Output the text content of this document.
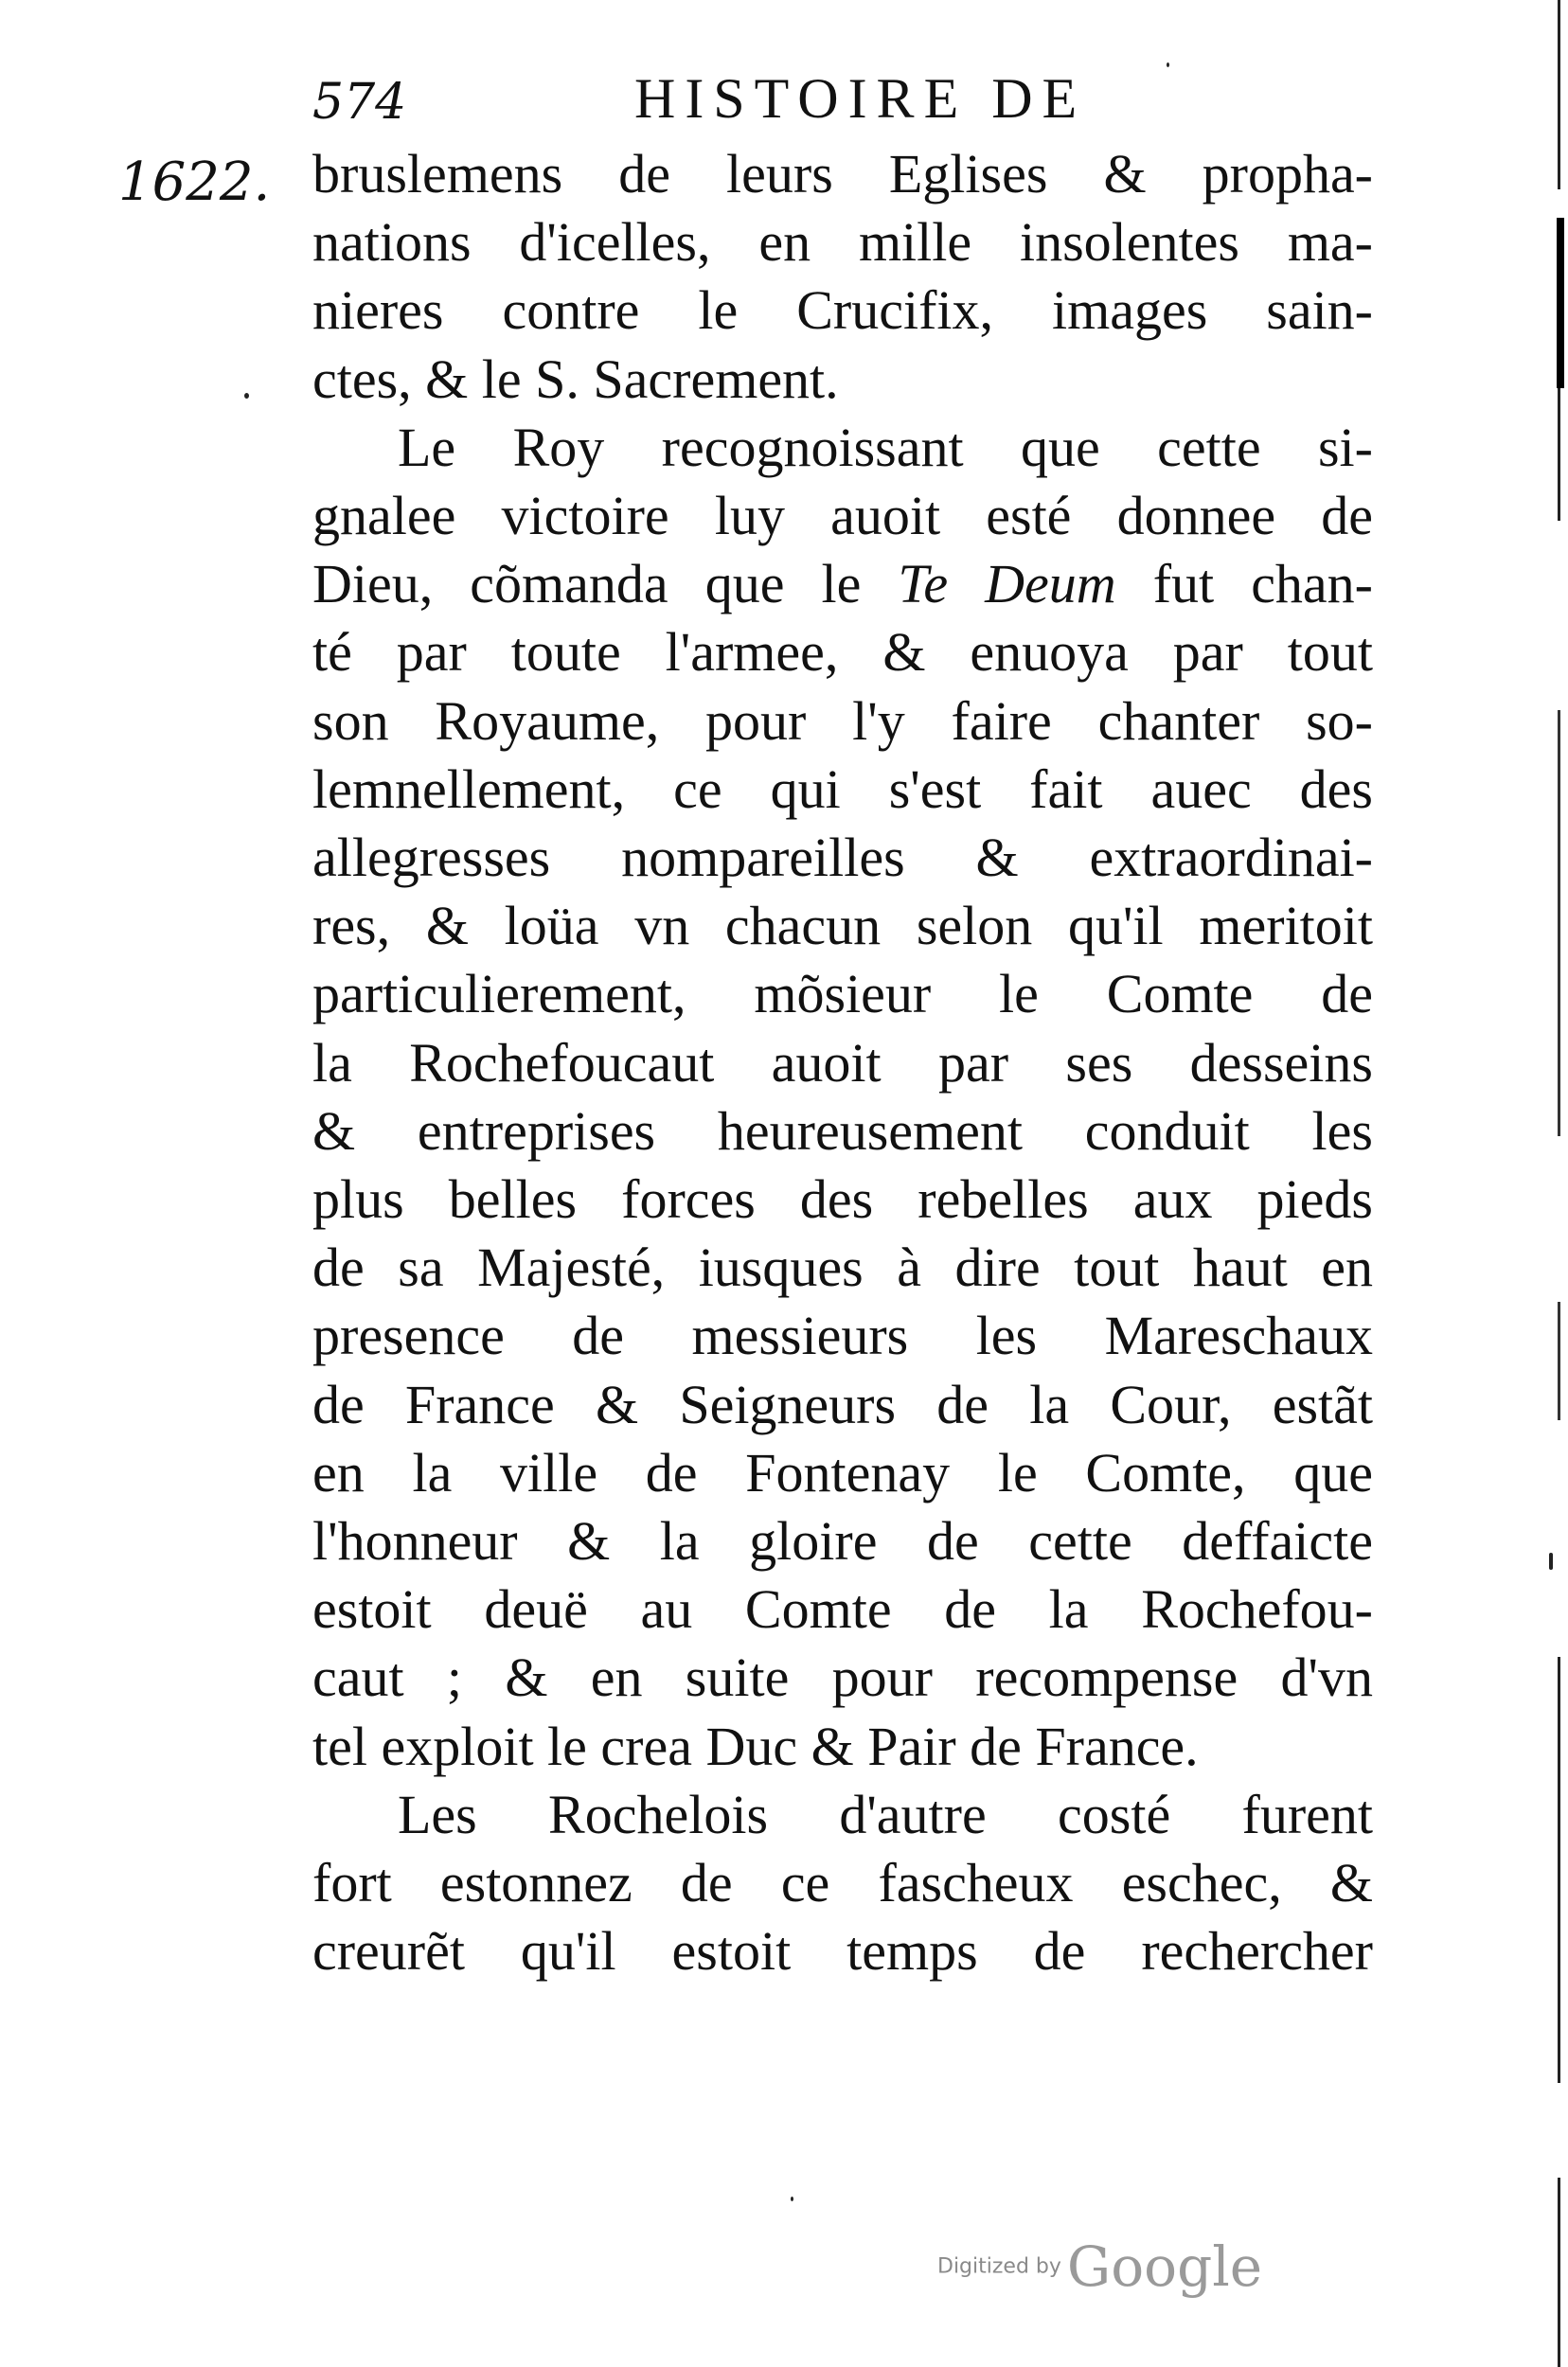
574	HISTOIRE DE
1622. bruslemens de leurs Eglises & propha-
nations d'icelles, en mille insolentes ma-
nieres contre le Crucifix, images sain-
ctes, & le S. Sacrement.
Le Roy recognoissant que cette si-
gnalee victoire luy auoit esté donnee de
Dieu, cõmanda que le Te Deum fut chan-
té par toute l'armee, & enuoya par tout
son Royaume, pour l'y faire chanter so-
lemnellement, ce qui s'est fait auec des
allegresses nompareilles & extraordinai-
res, & loüa vn chacun selon qu'il meritoit
particulierement, mõsieur le Comte de
la Rochefoucaut auoit par ses desseins
& entreprises heureusement conduit les
plus belles forces des rebelles aux pieds
de sa Majesté, iusques à dire tout haut en
presence de messieurs les Mareschaux
de France & Seigneurs de la Cour, estãt
en la ville de Fontenay le Comte, que
l'honneur & la gloire de cette deffaicte
estoit deuë au Comte de la Rochefou-
caut ; & en suite pour recompense d'vn
tel exploit le crea Duc & Pair de France.
Les Rochelois d'autre costé furent
fort estonnez de ce fascheux eschec, &
creurẽt qu'il estoit temps de rechercher
Digitized by Google
